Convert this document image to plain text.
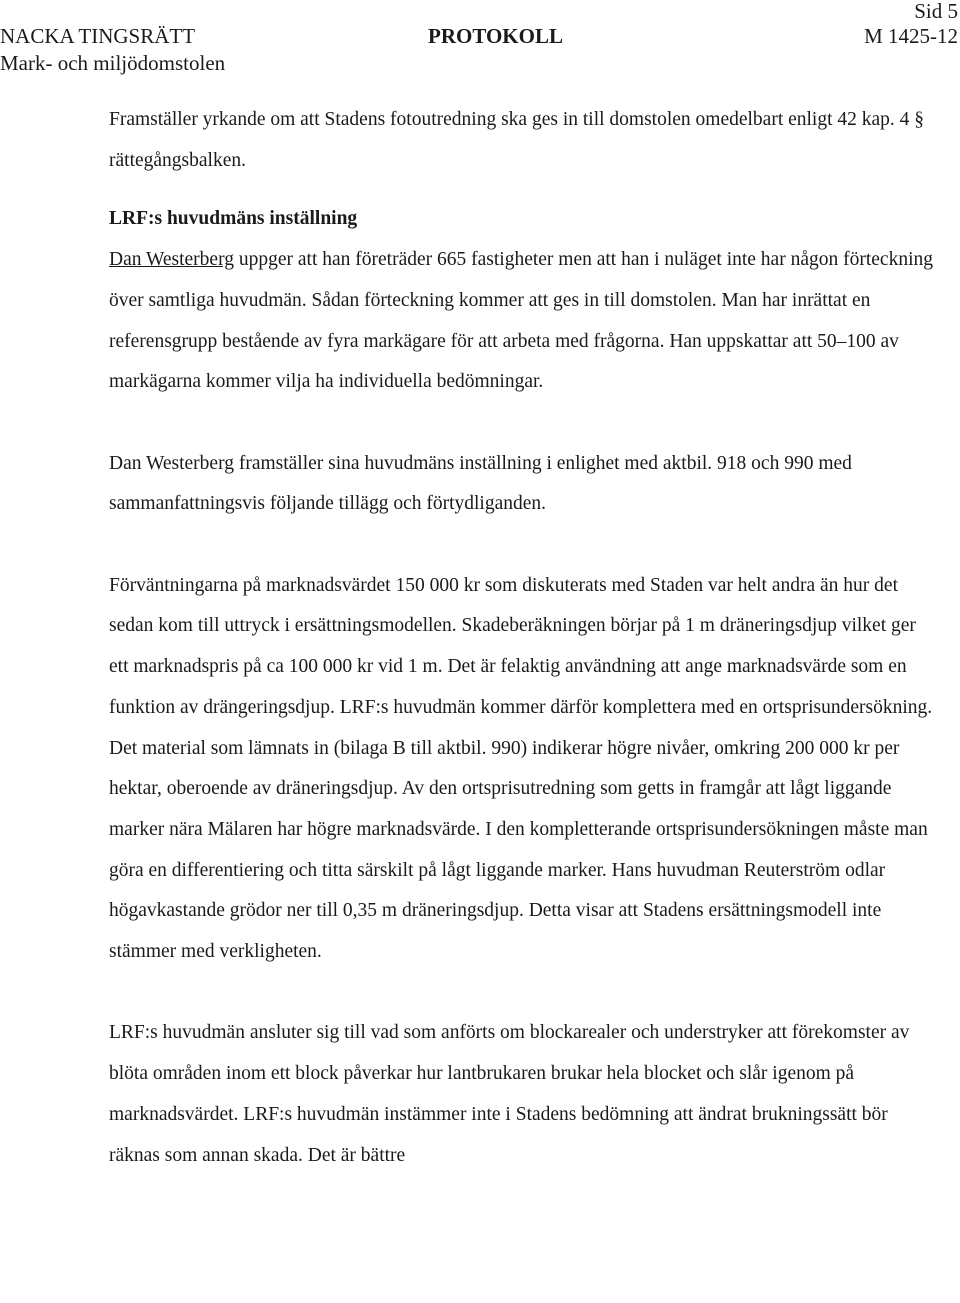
Sid 5
NACKA TINGSRÄTT	PROTOKOLL	M 1425-12
Mark- och miljödomstolen

Framställer yrkande om att Stadens fotoutredning ska ges in till domstolen omedelbart enligt 42 kap. 4 § rättegångsbalken.

LRF:s huvudmäns inställning

Dan Westerberg uppger att han företräder 665 fastigheter men att han i nuläget inte har någon förteckning över samtliga huvudmän. Sådan förteckning kommer att ges in till domstolen. Man har inrättat en referensgrupp bestående av fyra markägare för att arbeta med frågorna. Han uppskattar att 50–100 av markägarna kommer vilja ha individuella bedömningar.

Dan Westerberg framställer sina huvudmäns inställning i enlighet med aktbil. 918 och 990 med sammanfattningsvis följande tillägg och förtydliganden.

Förväntningarna på marknadsvärdet 150 000 kr som diskuterats med Staden var helt andra än hur det sedan kom till uttryck i ersättningsmodellen. Skadeberäkningen börjar på 1 m dräneringsdjup vilket ger ett marknadspris på ca 100 000 kr vid 1 m. Det är felaktig användning att ange marknadsvärde som en funktion av drängeringsdjup. LRF:s huvudmän kommer därför komplettera med en ortsprisundersökning. Det material som lämnats in (bilaga B till aktbil. 990) indikerar högre nivåer, omkring 200 000 kr per hektar, oberoende av dräneringsdjup. Av den ortsprisutredning som getts in framgår att lågt liggande marker nära Mälaren har högre marknadsvärde. I den kompletterande ortsprisundersökningen måste man göra en differentiering och titta särskilt på lågt liggande marker. Hans huvudman Reuterström odlar högavkastande grödor ner till 0,35 m dräneringsdjup. Detta visar att Stadens ersättningsmodell inte stämmer med verkligheten.

LRF:s huvudmän ansluter sig till vad som anförts om blockarealer och understryker att förekomster av blöta områden inom ett block påverkar hur lantbrukaren brukar hela blocket och slår igenom på marknadsvärdet. LRF:s huvudmän instämmer inte i Stadens bedömning att ändrat brukningssätt bör räknas som annan skada. Det är bättre
